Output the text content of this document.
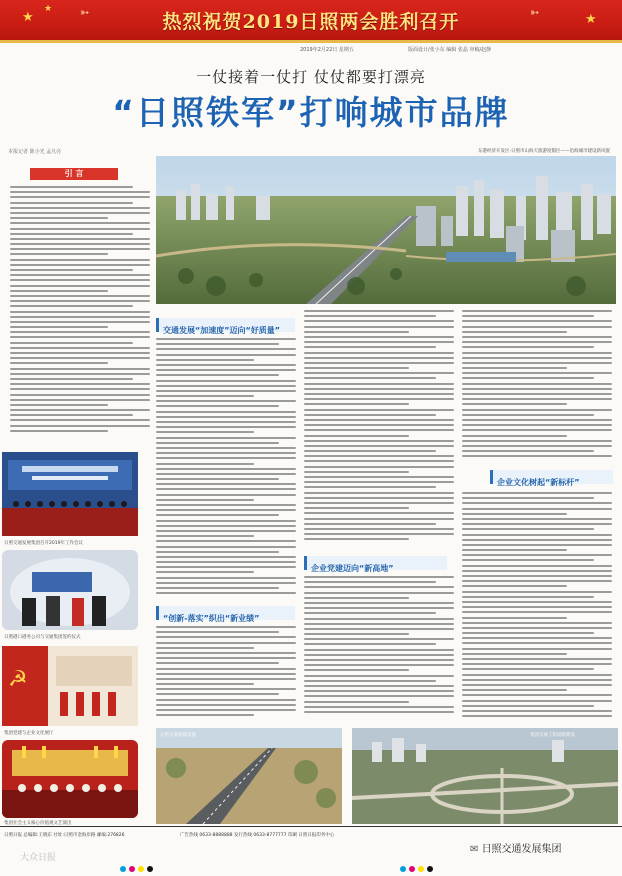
★
★	➳	➳	★
热烈祝贺2019日照两会胜利召开
2019年2月22日 星期五	版面设计/张小东 编辑 张晶 审稿/赵静
一仗接着一仗打 仗仗都要打漂亮
“日照铁军”打响城市品牌
本报记者 陈小光 孟凡亮	东港经济开发区·日照市山海天旅游度假区——沿海城市建设新风貌
引 言
交通发展“加速度”迈向“好质量”
“创新-落实”织出“新业绩”
企业党建迈向“新高地”
企业文化树起“新标杆”
日照交通发展集团召开2019年工作会议
日照港口港务公司与交通集团签约仪式
☭
集团党建与企业文化展厅
集团社会主义核心价值观文艺演出
日照交通基础设施	集团交通工程道路建设
日照日报 总编辑:王晓东 社址:日照市金海岸路 邮编:276826	广告热线 0633-8888888 发行热线 0633-8777777 印刷 日照日报印务中心
✉ 日照交通发展集团
大众日报
